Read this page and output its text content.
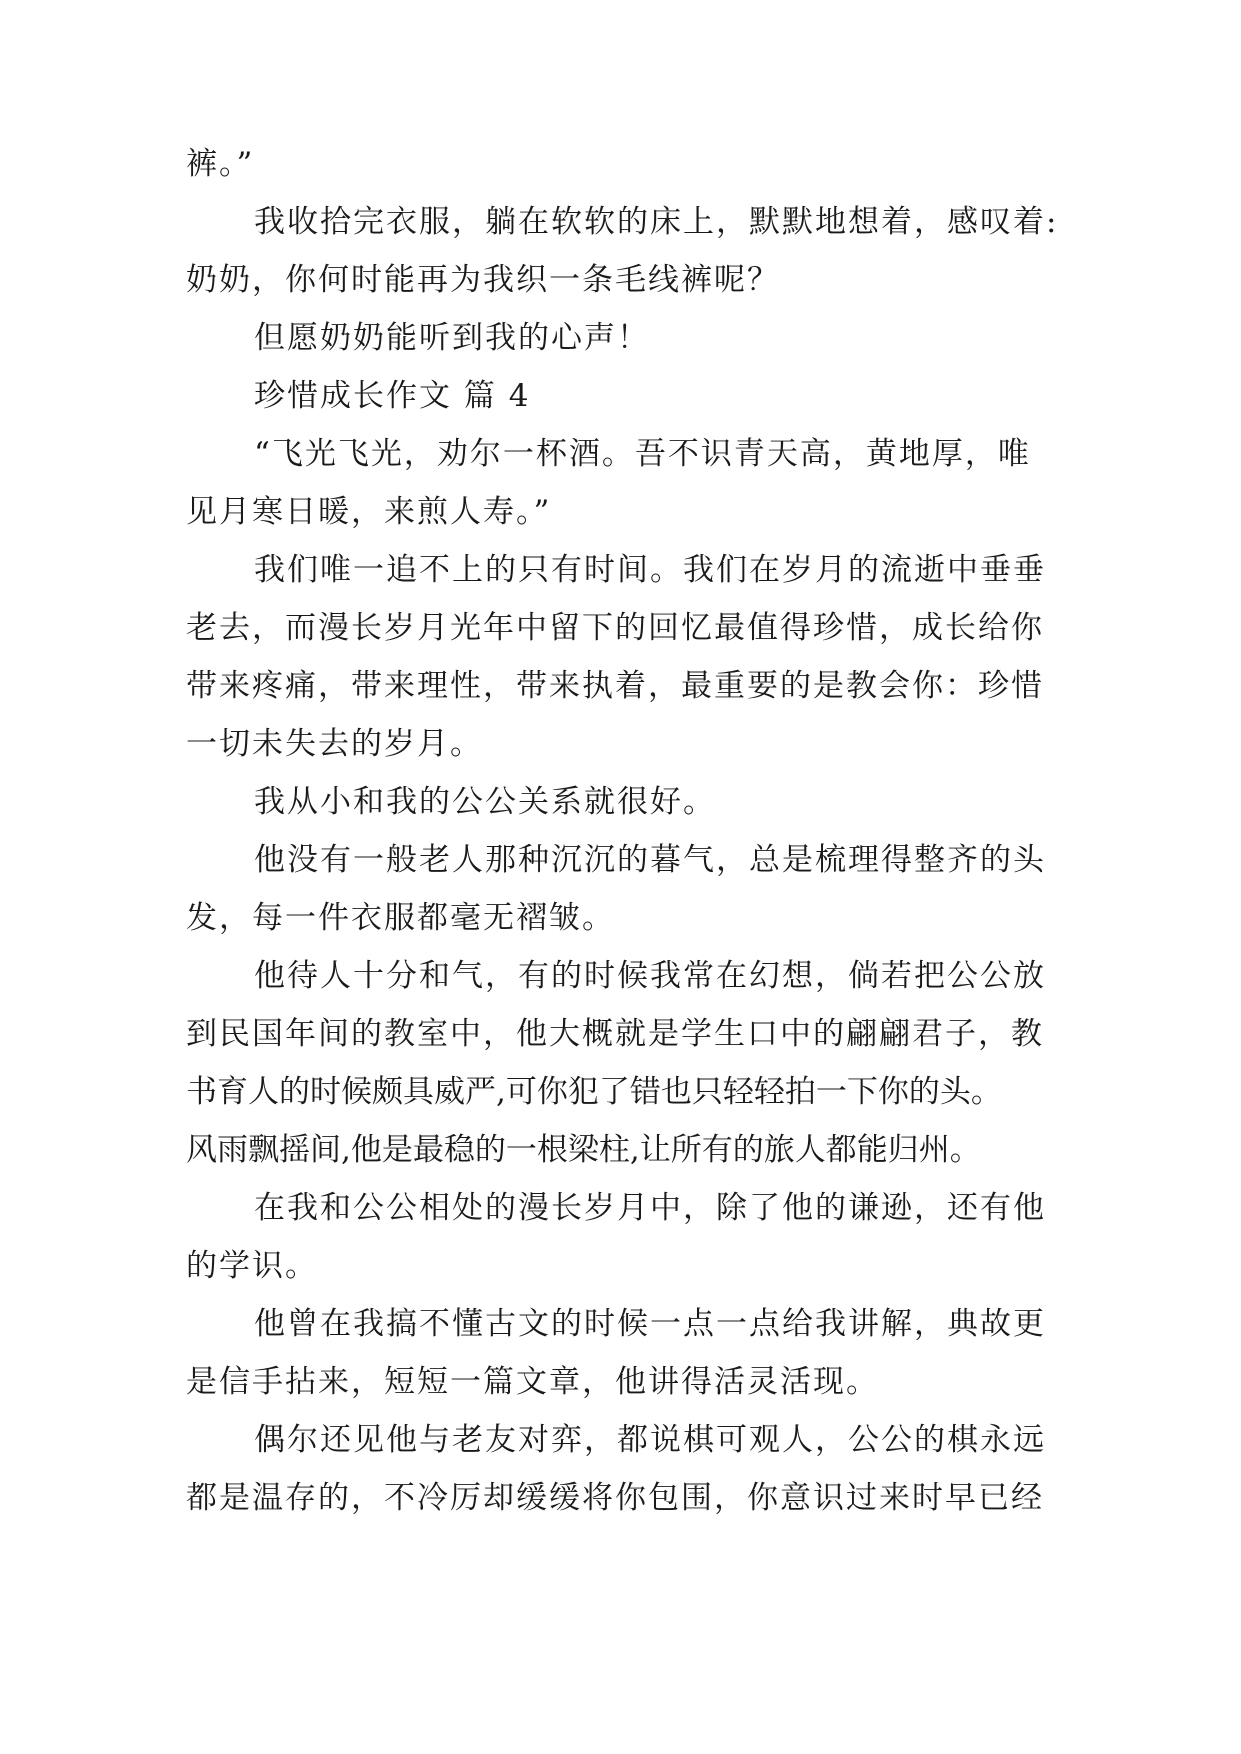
裤。”
我收拾完衣服，躺在软软的床上，默默地想着，感叹着:
奶奶，你何时能再为我织一条毛线裤呢？
但愿奶奶能听到我的心声！
珍惜成长作文 篇 4
“飞光飞光，劝尔一杯酒。吾不识青天高，黄地厚，唯
见月寒日暖，来煎人寿。”
我们唯一追不上的只有时间。我们在岁月的流逝中垂垂
老去，而漫长岁月光年中留下的回忆最值得珍惜，成长给你
带来疼痛，带来理性，带来执着，最重要的是教会你：珍惜
一切未失去的岁月。
我从小和我的公公关系就很好。
他没有一般老人那种沉沉的暮气，总是梳理得整齐的头
发，每一件衣服都毫无褶皱。
他待人十分和气，有的时候我常在幻想，倘若把公公放
到民国年间的教室中，他大概就是学生口中的翩翩君子，教
书育人的时候颇具威严,可你犯了错也只轻轻拍一下你的头。
风雨飘摇间,他是最稳的一根梁柱,让所有的旅人都能归州。
在我和公公相处的漫长岁月中，除了他的谦逊，还有他
的学识。
他曾在我搞不懂古文的时候一点一点给我讲解，典故更
是信手拈来，短短一篇文章，他讲得活灵活现。
偶尔还见他与老友对弈，都说棋可观人，公公的棋永远
都是温存的，不冷厉却缓缓将你包围，你意识过来时早已经
